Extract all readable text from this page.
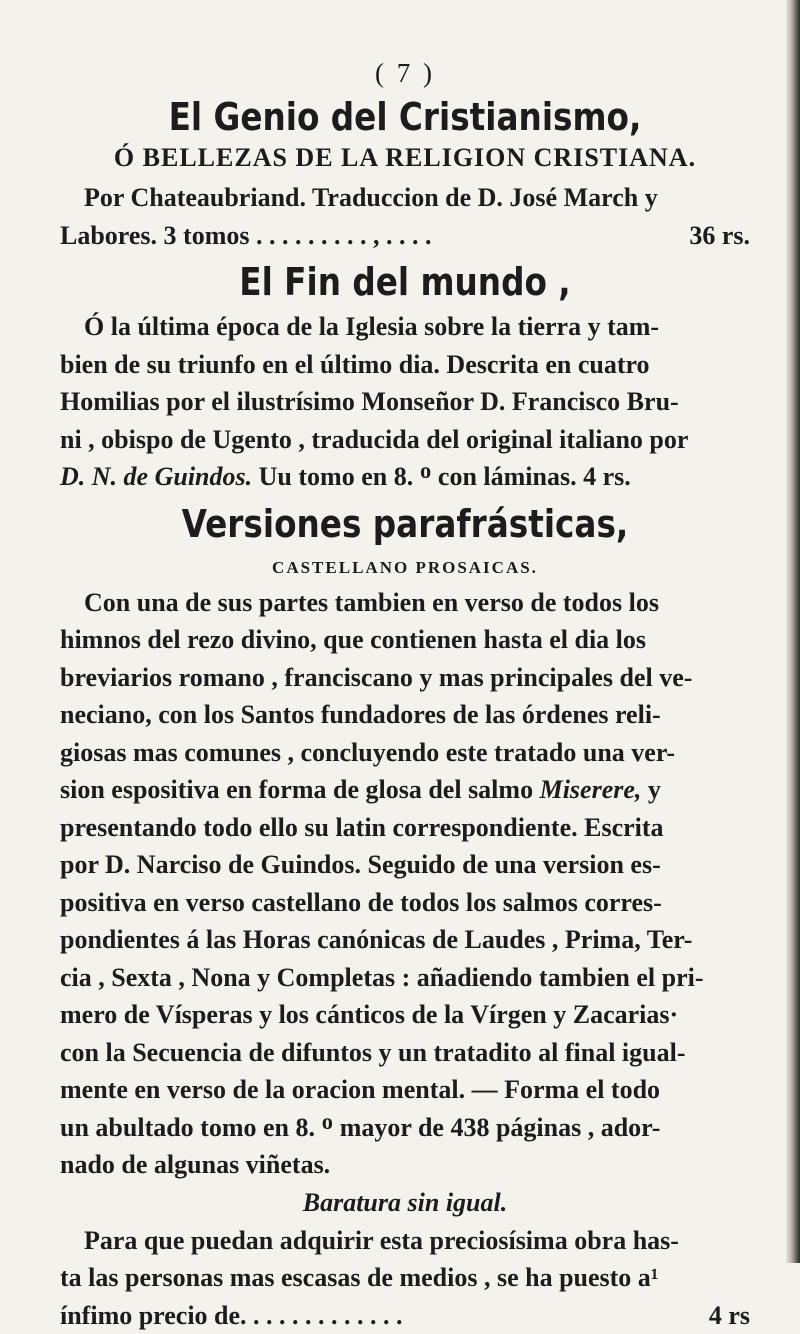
( 7 )

El Genio del Cristianismo,
Ó BELLEZAS DE LA RELIGION CRISTIANA.

Por Chateaubriand. Traduccion de D. José March y

Labores. 3 tomos . . . . . . . . . , . . . .	36 rs.

El Fin del mundo ,

Ó la última época de la Iglesia sobre la tierra y tam-

bien de su triunfo en el último dia. Descrita en cuatro

Homilias por el ilustrísimo Monseñor D. Francisco Bru-

ni , obispo de Ugento , traducida del original italiano por

D. N. de Guindos. Uu tomo en 8. ᴼ con láminas. 4 rs.

Versiones parafrásticas,
CASTELLANO PROSAICAS.

Con una de sus partes tambien en verso de todos los

himnos del rezo divino, que contienen hasta el dia los

breviarios romano , franciscano y mas principales del ve-

neciano, con los Santos fundadores de las órdenes reli-

giosas mas comunes , concluyendo este tratado una ver-

sion espositiva en forma de glosa del salmo Miserere, y

presentando todo ello su latin correspondiente. Escrita

por D. Narciso de Guindos. Seguido de una version es-

positiva en verso castellano de todos los salmos corres-

pondientes á las Horas canónicas de Laudes , Prima, Ter-

cia , Sexta , Nona y Completas : añadiendo tambien el pri-

mero de Vísperas y los cánticos de la Vírgen y Zacarias·

con la Secuencia de difuntos y un tratadito al final igual-

mente en verso de la oracion mental. — Forma el todo

un abultado tomo en 8. ᴼ mayor de 438 páginas , ador-

nado de algunas viñetas.

Baratura sin igual.

Para que puedan adquirir esta preciosísima obra has-

ta las personas mas escasas de medios , se ha puesto a¹

ínfimo precio de. . . . . . . . . . . . .	4 rs
